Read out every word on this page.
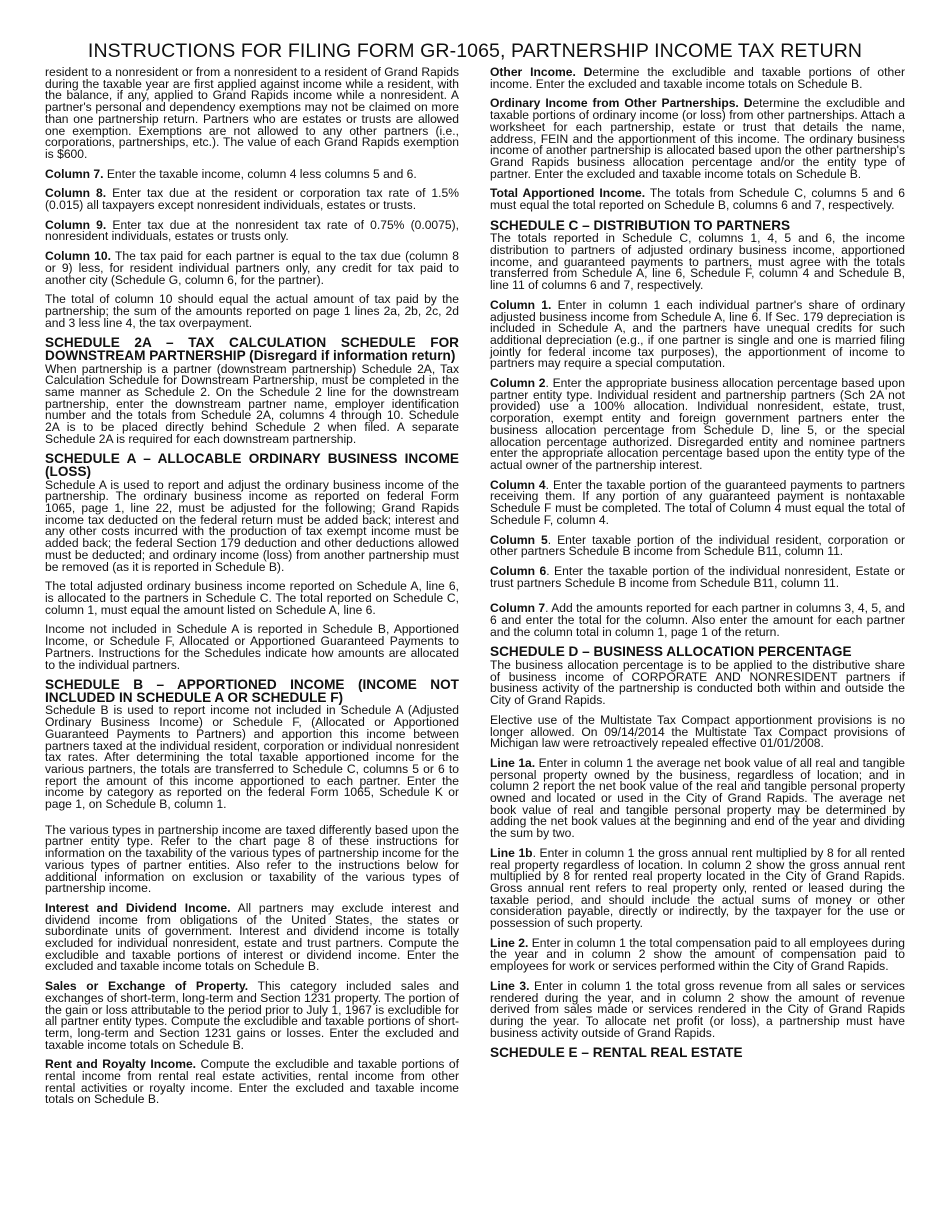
INSTRUCTIONS FOR FILING FORM GR-1065, PARTNERSHIP INCOME TAX RETURN

resident to a nonresident or from a nonresident to a resident of Grand Rapids during the taxable year are first applied against income while a resident, with the balance, if any, applied to Grand Rapids income while a nonresident. A partner's personal and dependency exemptions may not be claimed on more than one partnership return. Partners who are estates or trusts are allowed one exemption. Exemptions are not allowed to any other partners (i.e., corporations, partnerships, etc.). The value of each Grand Rapids exemption is $600.

Column 7. Enter the taxable income, column 4 less columns 5 and 6.

Column 8. Enter tax due at the resident or corporation tax rate of 1.5% (0.015) all taxpayers except nonresident individuals, estates or trusts.

Column 9. Enter tax due at the nonresident tax rate of 0.75% (0.0075), nonresident individuals, estates or trusts only.

Column 10. The tax paid for each partner is equal to the tax due (column 8 or 9) less, for resident individual partners only, any credit for tax paid to another city (Schedule G, column 6, for the partner).

The total of column 10 should equal the actual amount of tax paid by the partnership; the sum of the amounts reported on page 1 lines 2a, 2b, 2c, 2d and 3 less line 4, the tax overpayment.

SCHEDULE 2A – TAX CALCULATION SCHEDULE FOR DOWNSTREAM PARTNERSHIP (Disregard if information return)

When partnership is a partner (downstream partnership) Schedule 2A, Tax Calculation Schedule for Downstream Partnership, must be completed in the same manner as Schedule 2. On the Schedule 2 line for the downstream partnership, enter the downstream partner name, employer identification number and the totals from Schedule 2A, columns 4 through 10. Schedule 2A is to be placed directly behind Schedule 2 when filed. A separate Schedule 2A is required for each downstream partnership.

SCHEDULE A – ALLOCABLE ORDINARY BUSINESS INCOME (LOSS)

Schedule A is used to report and adjust the ordinary business income of the partnership. The ordinary business income as reported on federal Form 1065, page 1, line 22, must be adjusted for the following; Grand Rapids income tax deducted on the federal return must be added back; interest and any other costs incurred with the production of tax exempt income must be added back; the federal Section 179 deduction and other deductions allowed must be deducted; and ordinary income (loss) from another partnership must be removed (as it is reported in Schedule B).

The total adjusted ordinary business income reported on Schedule A, line 6, is allocated to the partners in Schedule C. The total reported on Schedule C, column 1, must equal the amount listed on Schedule A, line 6.

Income not included in Schedule A is reported in Schedule B, Apportioned Income, or Schedule F, Allocated or Apportioned Guaranteed Payments to Partners. Instructions for the Schedules indicate how amounts are allocated to the individual partners.

SCHEDULE B – APPORTIONED INCOME (INCOME NOT INCLUDED IN SCHEDULE A OR SCHEDULE F)

Schedule B is used to report income not included in Schedule A (Adjusted Ordinary Business Income) or Schedule F, (Allocated or Apportioned Guaranteed Payments to Partners) and apportion this income between partners taxed at the individual resident, corporation or individual nonresident tax rates. After determining the total taxable apportioned income for the various partners, the totals are transferred to Schedule C, columns 5 or 6 to report the amount of this income apportioned to each partner. Enter the income by category as reported on the federal Form 1065, Schedule K or page 1, on Schedule B, column 1.

The various types in partnership income are taxed differently based upon the partner entity type. Refer to the chart page 8 of these instructions for information on the taxability of the various types of partnership income for the various types of partner entities. Also refer to the instructions below for additional information on exclusion or taxability of the various types of partnership income.

Interest and Dividend Income. All partners may exclude interest and dividend income from obligations of the United States, the states or subordinate units of government. Interest and dividend income is totally excluded for individual nonresident, estate and trust partners. Compute the excludible and taxable portions of interest or dividend income. Enter the excluded and taxable income totals on Schedule B.

Sales or Exchange of Property. This category included sales and exchanges of short-term, long-term and Section 1231 property. The portion of the gain or loss attributable to the period prior to July 1, 1967 is excludible for all partner entity types. Compute the excludible and taxable portions of short-term, long-term and Section 1231 gains or losses. Enter the excluded and taxable income totals on Schedule B.

Rent and Royalty Income. Compute the excludible and taxable portions of rental income from rental real estate activities, rental income from other rental activities or royalty income. Enter the excluded and taxable income totals on Schedule B.

Other Income. Determine the excludible and taxable portions of other income. Enter the excluded and taxable income totals on Schedule B.

Ordinary Income from Other Partnerships. Determine the excludible and taxable portions of ordinary income (or loss) from other partnerships. Attach a worksheet for each partnership, estate or trust that details the name, address, FEIN and the apportionment of this income. The ordinary business income of another partnership is allocated based upon the other partnership's Grand Rapids business allocation percentage and/or the entity type of partner. Enter the excluded and taxable income totals on Schedule B.

Total Apportioned Income. The totals from Schedule C, columns 5 and 6 must equal the total reported on Schedule B, columns 6 and 7, respectively.

SCHEDULE C – DISTRIBUTION TO PARTNERS

The totals reported in Schedule C, columns 1, 4, 5 and 6, the income distribution to partners of adjusted ordinary business income, apportioned income, and guaranteed payments to partners, must agree with the totals transferred from Schedule A, line 6, Schedule F, column 4 and Schedule B, line 11 of columns 6 and 7, respectively.

Column 1. Enter in column 1 each individual partner's share of ordinary adjusted business income from Schedule A, line 6. If Sec. 179 depreciation is included in Schedule A, and the partners have unequal credits for such additional depreciation (e.g., if one partner is single and one is married filing jointly for federal income tax purposes), the apportionment of income to partners may require a special computation.

Column 2. Enter the appropriate business allocation percentage based upon partner entity type. Individual resident and partnership partners (Sch 2A not provided) use a 100% allocation. Individual nonresident, estate, trust, corporation, exempt entity and foreign government partners enter the business allocation percentage from Schedule D, line 5, or the special allocation percentage authorized. Disregarded entity and nominee partners enter the appropriate allocation percentage based upon the entity type of the actual owner of the partnership interest.

Column 4. Enter the taxable portion of the guaranteed payments to partners receiving them. If any portion of any guaranteed payment is nontaxable Schedule F must be completed. The total of Column 4 must equal the total of Schedule F, column 4.

Column 5. Enter taxable portion of the individual resident, corporation or other partners Schedule B income from Schedule B11, column 11.

Column 6. Enter the taxable portion of the individual nonresident, Estate or trust partners Schedule B income from Schedule B11, column 11.

Column 7. Add the amounts reported for each partner in columns 3, 4, 5, and 6 and enter the total for the column. Also enter the amount for each partner and the column total in column 1, page 1 of the return.

SCHEDULE D – BUSINESS ALLOCATION PERCENTAGE

The business allocation percentage is to be applied to the distributive share of business income of CORPORATE AND NONRESIDENT partners if business activity of the partnership is conducted both within and outside the City of Grand Rapids.

Elective use of the Multistate Tax Compact apportionment provisions is no longer allowed. On 09/14/2014 the Multistate Tax Compact provisions of Michigan law were retroactively repealed effective 01/01/2008.

Line 1a. Enter in column 1 the average net book value of all real and tangible personal property owned by the business, regardless of location; and in column 2 report the net book value of the real and tangible personal property owned and located or used in the City of Grand Rapids. The average net book value of real and tangible personal property may be determined by adding the net book values at the beginning and end of the year and dividing the sum by two.

Line 1b. Enter in column 1 the gross annual rent multiplied by 8 for all rented real property regardless of location. In column 2 show the gross annual rent multiplied by 8 for rented real property located in the City of Grand Rapids. Gross annual rent refers to real property only, rented or leased during the taxable period, and should include the actual sums of money or other consideration payable, directly or indirectly, by the taxpayer for the use or possession of such property.

Line 2. Enter in column 1 the total compensation paid to all employees during the year and in column 2 show the amount of compensation paid to employees for work or services performed within the City of Grand Rapids.

Line 3. Enter in column 1 the total gross revenue from all sales or services rendered during the year, and in column 2 show the amount of revenue derived from sales made or services rendered in the City of Grand Rapids during the year. To allocate net profit (or loss), a partnership must have business activity outside of Grand Rapids.

SCHEDULE E – RENTAL REAL ESTATE
